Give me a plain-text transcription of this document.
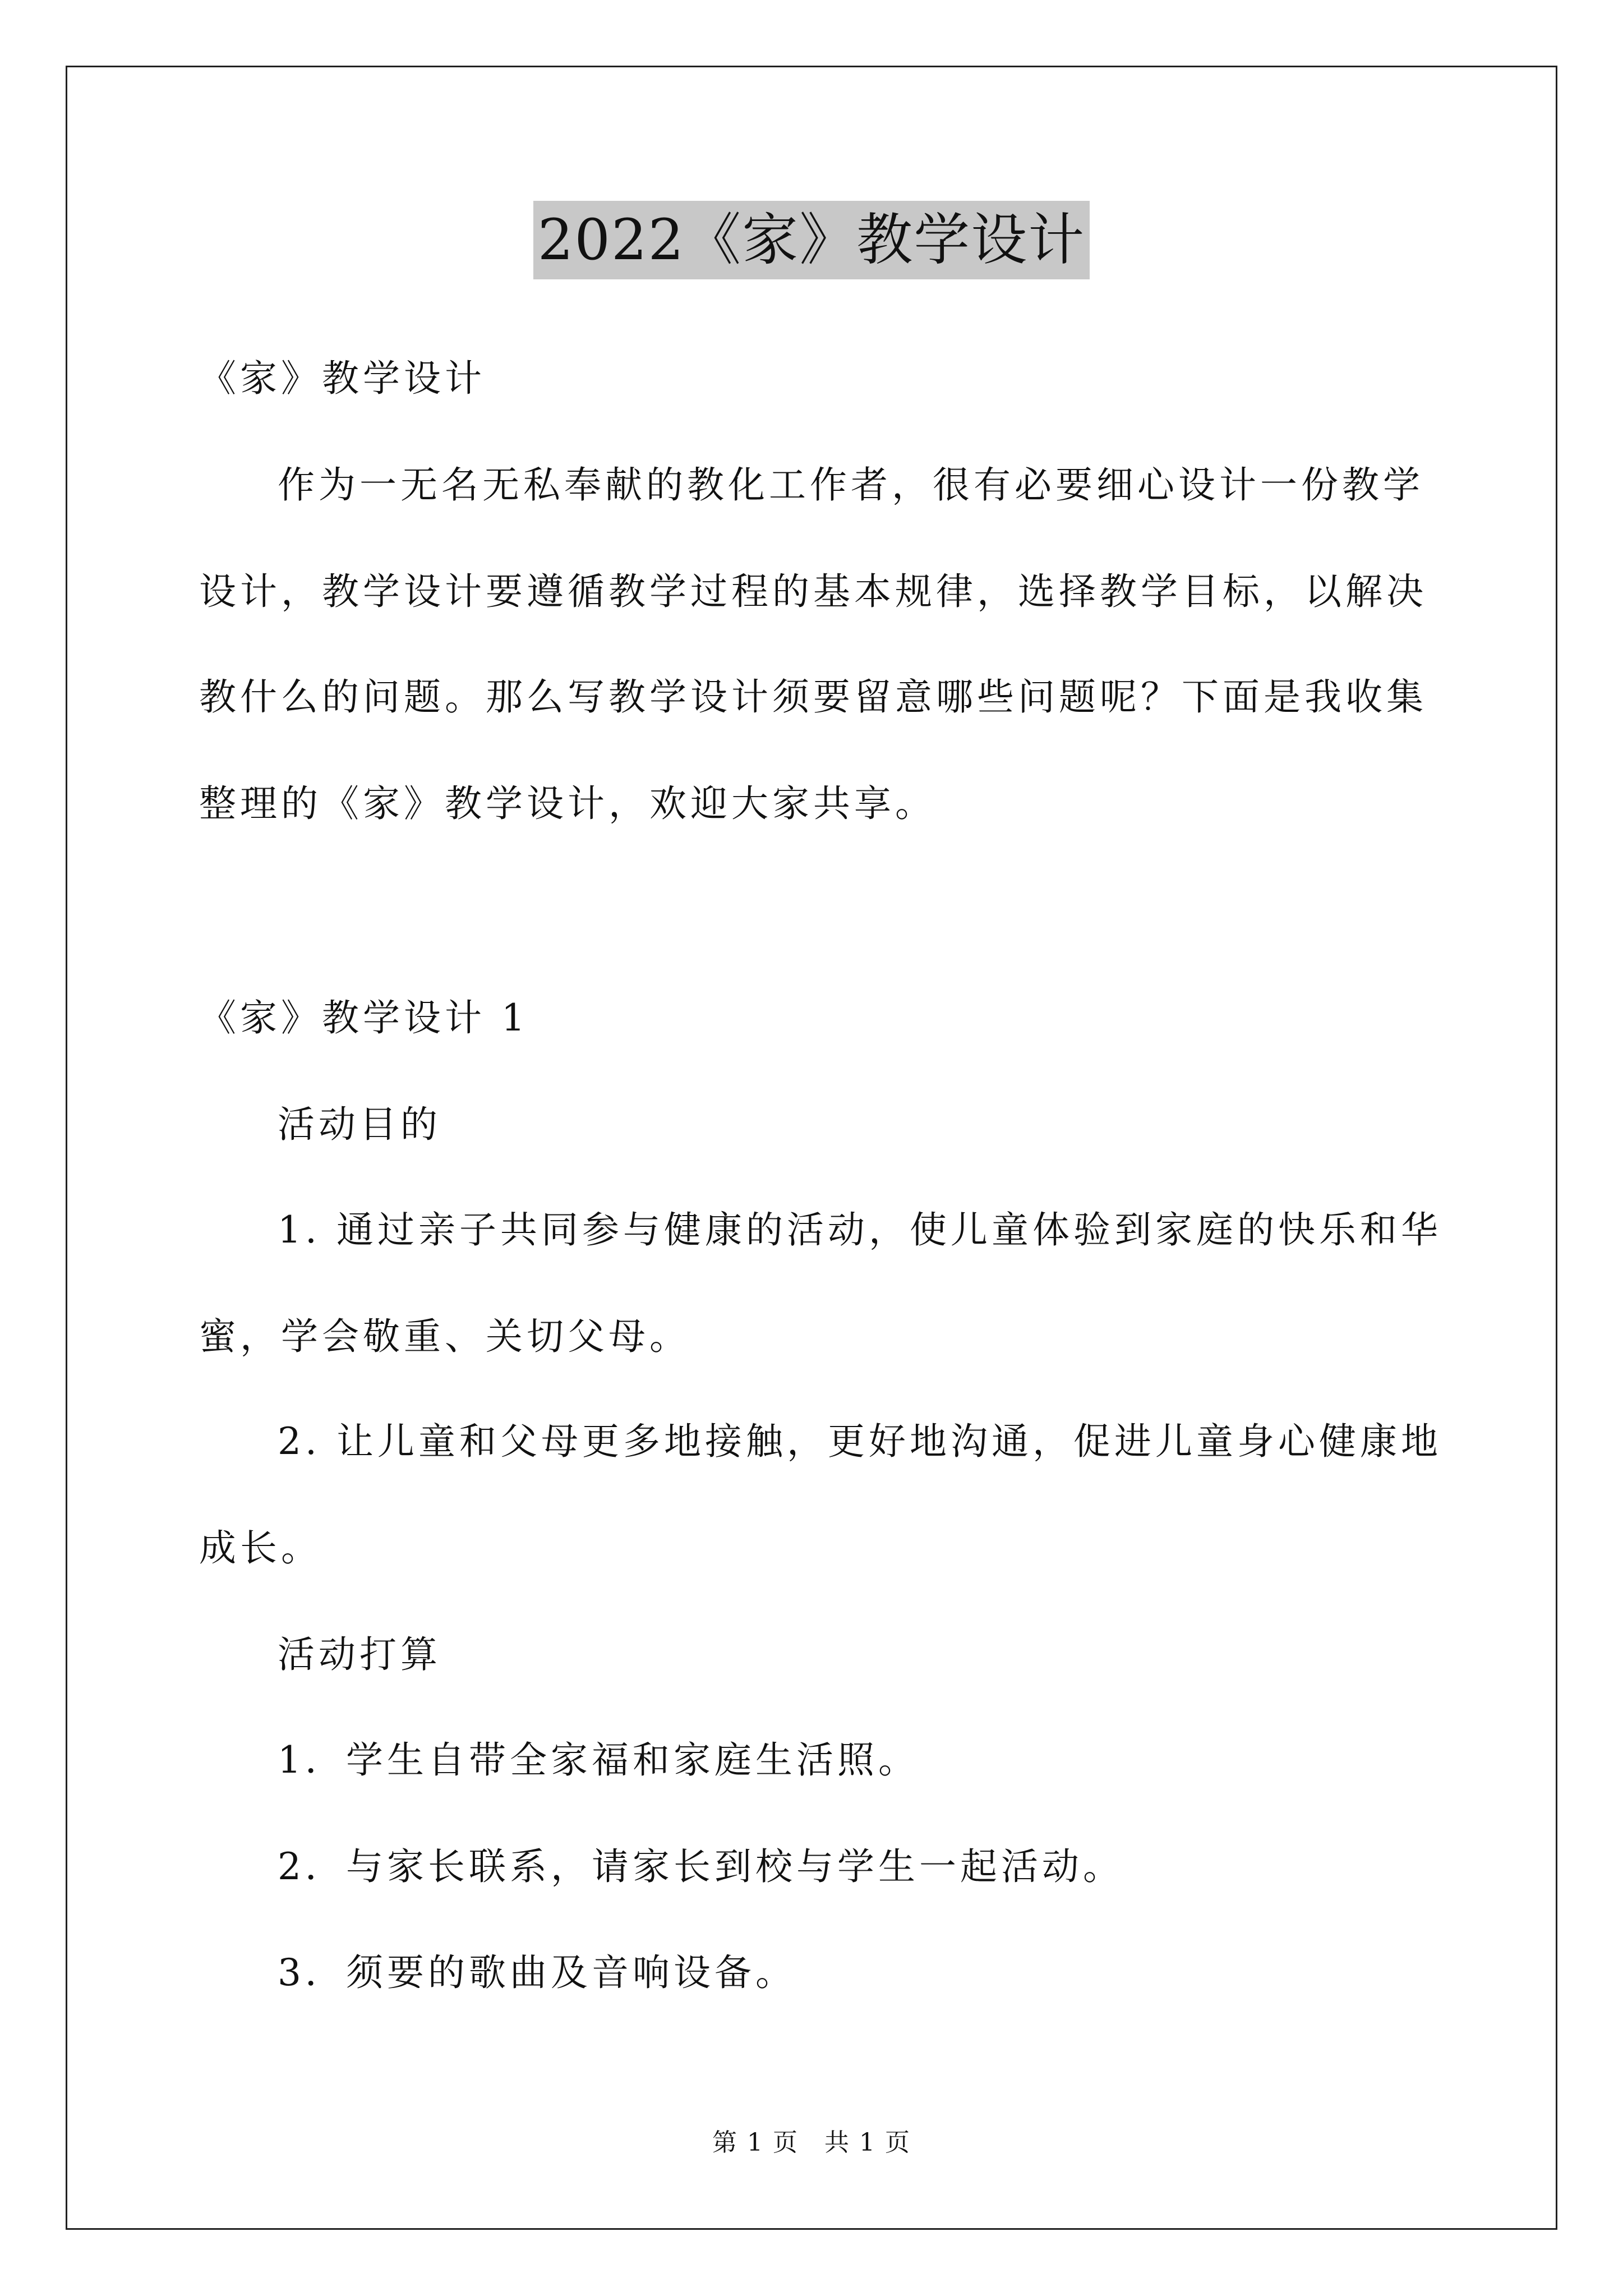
2022《家》教学设计
《家》教学设计
作为一无名无私奉献的教化工作者，很有必要细心设计一份教学
设计，教学设计要遵循教学过程的基本规律，选择教学目标，以解决
教什么的问题。那么写教学设计须要留意哪些问题呢？下面是我收集
整理的《家》教学设计，欢迎大家共享。
《家》教学设计 1
活动目的
1. 通过亲子共同参与健康的活动，使儿童体验到家庭的快乐和华
蜜，学会敬重、关切父母。
2. 让儿童和父母更多地接触，更好地沟通，促进儿童身心健康地
成长。
活动打算
1．学生自带全家福和家庭生活照。
2．与家长联系，请家长到校与学生一起活动。
3．须要的歌曲及音响设备。
第 1 页　共 1 页
